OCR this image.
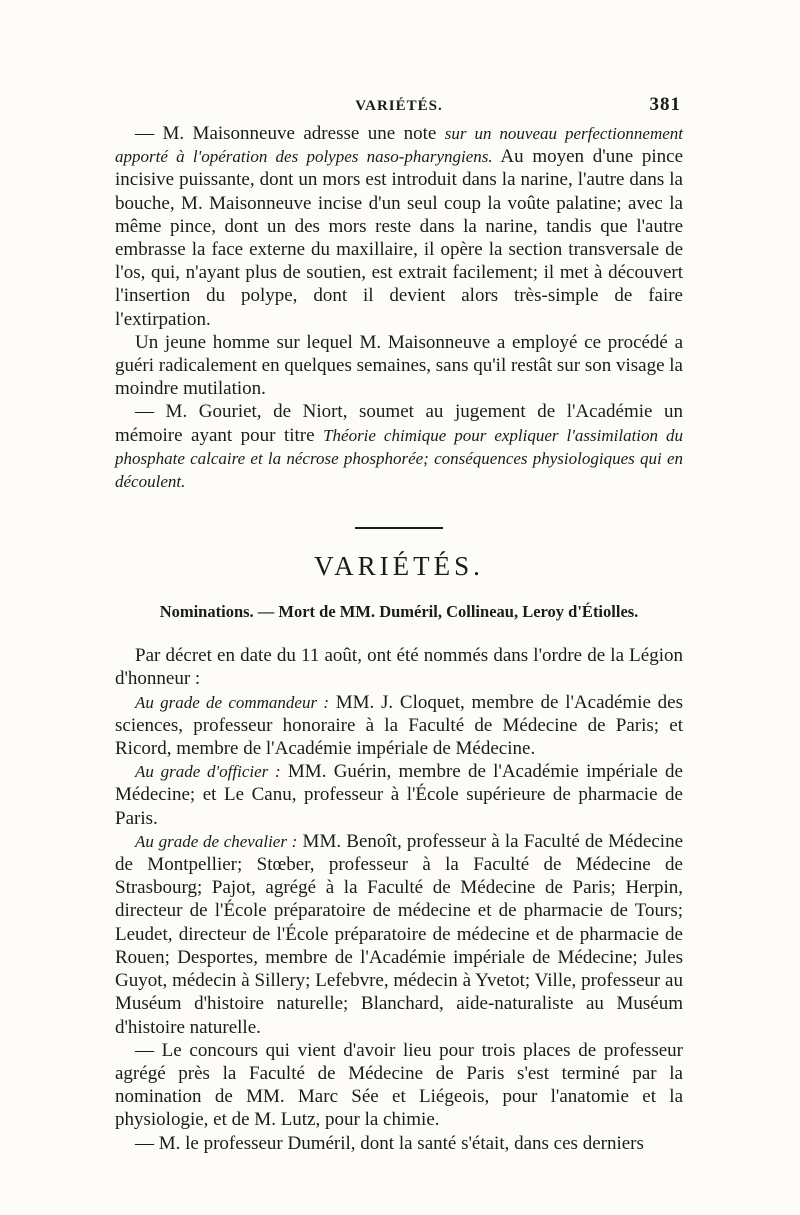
VARIÉTÉS.	381

— M. Maisonneuve adresse une note sur un nouveau perfectionnement apporté à l'opération des polypes naso-pharyngiens. Au moyen d'une pince incisive puissante, dont un mors est introduit dans la narine, l'autre dans la bouche, M. Maisonneuve incise d'un seul coup la voûte palatine; avec la même pince, dont un des mors reste dans la narine, tandis que l'autre embrasse la face externe du maxillaire, il opère la section transversale de l'os, qui, n'ayant plus de soutien, est extrait facilement; il met à découvert l'insertion du polype, dont il devient alors très-simple de faire l'extirpation.

Un jeune homme sur lequel M. Maisonneuve a employé ce procédé a guéri radicalement en quelques semaines, sans qu'il restât sur son visage la moindre mutilation.

— M. Gouriet, de Niort, soumet au jugement de l'Académie un mémoire ayant pour titre Théorie chimique pour expliquer l'assimilation du phosphate calcaire et la nécrose phosphorée; conséquences physiologiques qui en découlent.

VARIÉTÉS.
Nominations. — Mort de MM. Duméril, Collineau, Leroy d'Étiolles.

Par décret en date du 11 août, ont été nommés dans l'ordre de la Légion d'honneur :

Au grade de commandeur : MM. J. Cloquet, membre de l'Académie des sciences, professeur honoraire à la Faculté de Médecine de Paris; et Ricord, membre de l'Académie impériale de Médecine.

Au grade d'officier : MM. Guérin, membre de l'Académie impériale de Médecine; et Le Canu, professeur à l'École supérieure de pharmacie de Paris.

Au grade de chevalier : MM. Benoît, professeur à la Faculté de Médecine de Montpellier; Stœber, professeur à la Faculté de Médecine de Strasbourg; Pajot, agrégé à la Faculté de Médecine de Paris; Herpin, directeur de l'École préparatoire de médecine et de pharmacie de Tours; Leudet, directeur de l'École préparatoire de médecine et de pharmacie de Rouen; Desportes, membre de l'Académie impériale de Médecine; Jules Guyot, médecin à Sillery; Lefebvre, médecin à Yvetot; Ville, professeur au Muséum d'histoire naturelle; Blanchard, aide-naturaliste au Muséum d'histoire naturelle.

— Le concours qui vient d'avoir lieu pour trois places de professeur agrégé près la Faculté de Médecine de Paris s'est terminé par la nomination de MM. Marc Sée et Liégeois, pour l'anatomie et la physiologie, et de M. Lutz, pour la chimie.

— M. le professeur Duméril, dont la santé s'était, dans ces derniers
